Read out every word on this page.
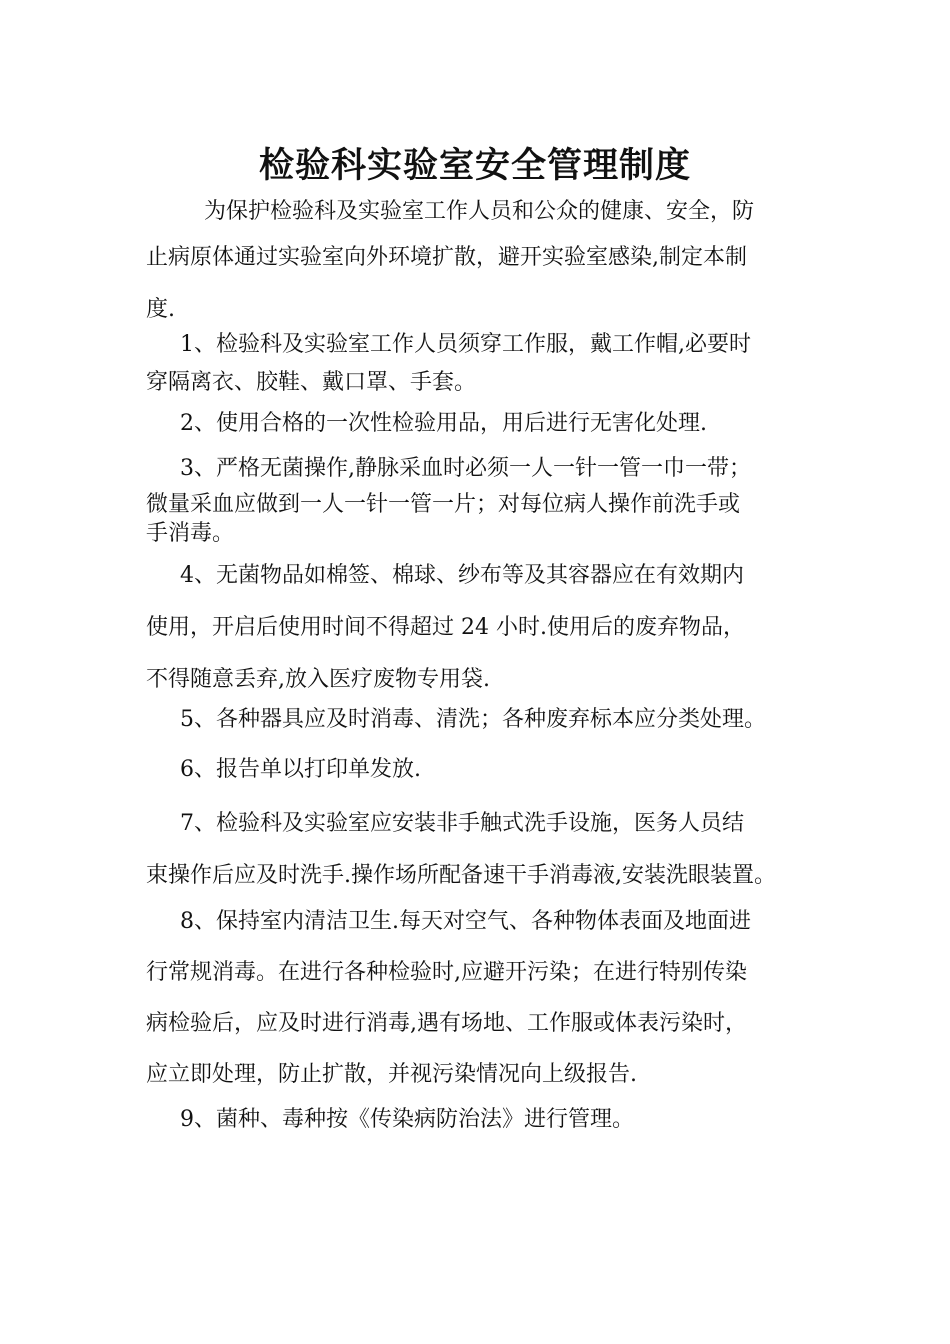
检验科实验室安全管理制度
为保护检验科及实验室工作人员和公众的健康、安全，防
止病原体通过实验室向外环境扩散，避开实验室感染,制定本制
度.
1、检验科及实验室工作人员须穿工作服，戴工作帽,必要时
穿隔离衣、胶鞋、戴口罩、手套。
2、使用合格的一次性检验用品，用后进行无害化处理.
3、严格无菌操作,静脉采血时必须一人一针一管一巾一带；
微量采血应做到一人一针一管一片；对每位病人操作前洗手或
手消毒。
4、无菌物品如棉签、棉球、纱布等及其容器应在有效期内
使用，开启后使用时间不得超过 24 小时.使用后的废弃物品，
不得随意丢弃,放入医疗废物专用袋.
5、各种器具应及时消毒、清洗；各种废弃标本应分类处理。
6、报告单以打印单发放.
7、检验科及实验室应安装非手触式洗手设施，医务人员结
束操作后应及时洗手.操作场所配备速干手消毒液,安装洗眼装置。
8、保持室内清洁卫生.每天对空气、各种物体表面及地面进
行常规消毒。在进行各种检验时,应避开污染；在进行特别传染
病检验后，应及时进行消毒,遇有场地、工作服或体表污染时，
应立即处理，防止扩散，并视污染情况向上级报告.
9、菌种、毒种按《传染病防治法》进行管理。
